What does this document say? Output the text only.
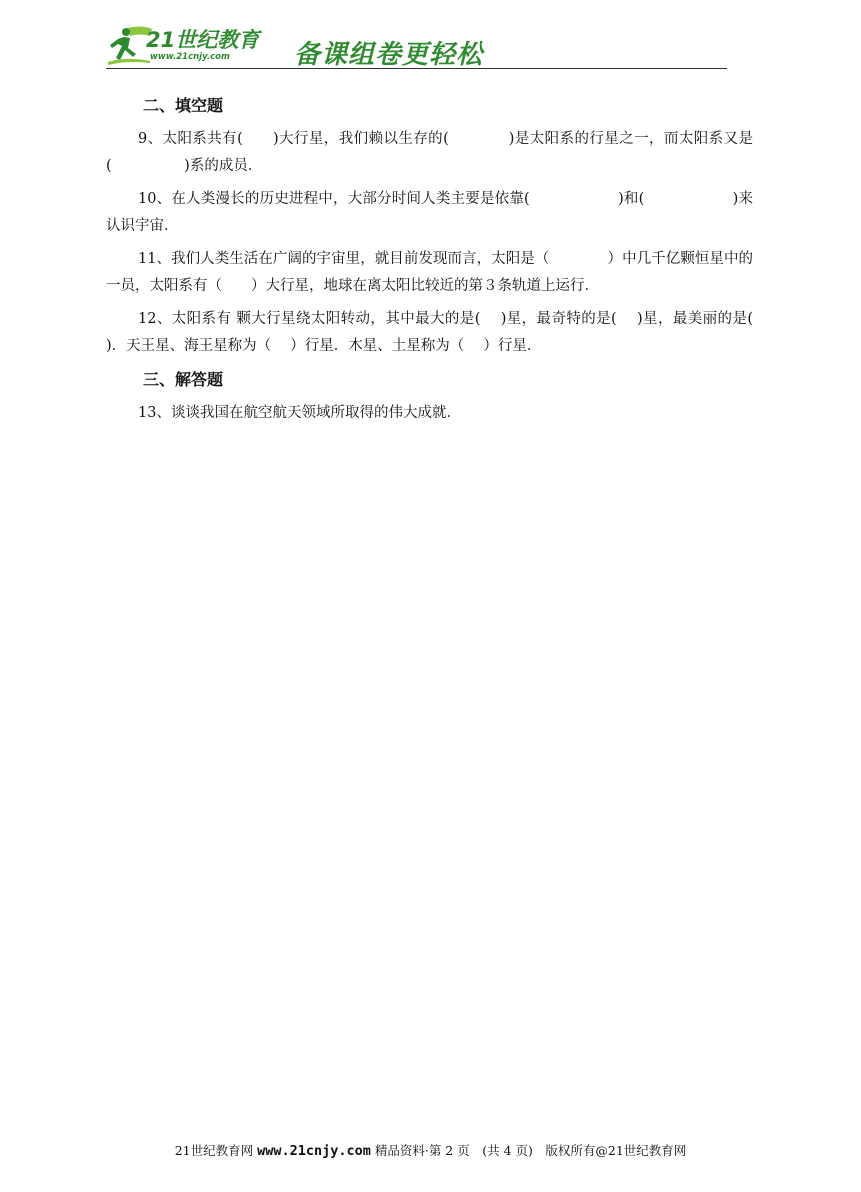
21世纪教育
www.21cnjy.com 备课组卷更轻松
二、填空题

9、太阳系共有(　　)大行星，我们赖以生存的(　　　　)是太阳系的行星之一，而太阳系又是(　　　　　)系的成员．

10、在人类漫长的历史进程中，大部分时间人类主要是依靠(　　　　　　)和(　　　　　　)来认识宇宙．

11、我们人类生活在广阔的宇宙里，就目前发现而言，太阳是（　　　　）中几千亿颗恒星中的一员，太阳系有（　　）大行星，地球在离太阳比较近的第３条轨道上运行．

12、太阳系有 颗大行星绕太阳转动，其中最大的是(　 )星，最奇特的是(　 )星，最美丽的是(　 )．天王星、海王星称为（　 ）行星．木星、土星称为（　 ）行星．

三、解答题

13、谈谈我国在航空航天领域所取得的伟大成就．

21世纪教育网 www.21cnjy.com 精品资料·第 2 页　(共 4 页)　版权所有@21世纪教育网
